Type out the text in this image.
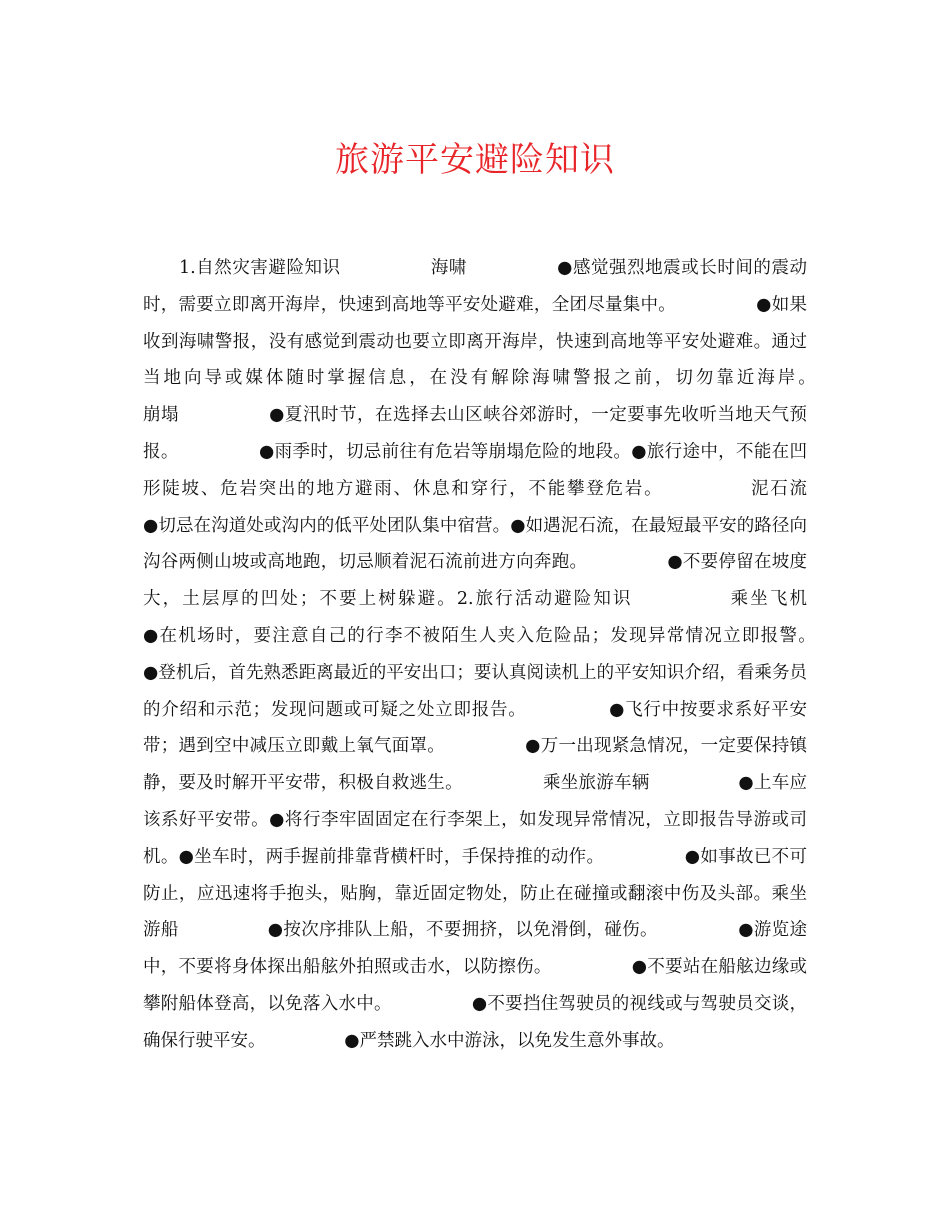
旅游平安避险知识

1.自然灾害避险知识　　　　　海啸　　　　　●感觉强烈地震或长时间的震动时，需要立即离开海岸，快速到高地等平安处避难，全团尽量集中。　　　　　●如果收到海啸警报，没有感觉到震动也要立即离开海岸，快速到高地等平安处避难。通过当地向导或媒体随时掌握信息，在没有解除海啸警报之前，切勿靠近海岸。　　　　　崩塌　　　　　●夏汛时节，在选择去山区峡谷郊游时，一定要事先收听当地天气预报。　　　　　●雨季时，切忌前往有危岩等崩塌危险的地段。●旅行途中，不能在凹形陡坡、危岩突出的地方避雨、休息和穿行，不能攀登危岩。　　　　　泥石流　　　　　●切忌在沟道处或沟内的低平处团队集中宿营。●如遇泥石流，在最短最平安的路径向沟谷两侧山坡或高地跑，切忌顺着泥石流前进方向奔跑。　　　　　●不要停留在坡度大，土层厚的凹处；不要上树躲避。2.旅行活动避险知识　　　　　乘坐飞机　　　　　●在机场时，要注意自己的行李不被陌生人夹入危险品；发现异常情况立即报警。　　　　　●登机后，首先熟悉距离最近的平安出口；要认真阅读机上的平安知识介绍，看乘务员的介绍和示范；发现问题或可疑之处立即报告。　　　　　●飞行中按要求系好平安带；遇到空中减压立即戴上氧气面罩。　　　　　●万一出现紧急情况，一定要保持镇静，要及时解开平安带，积极自救逃生。　　　　　乘坐旅游车辆　　　　　●上车应该系好平安带。●将行李牢固固定在行李架上，如发现异常情况，立即报告导游或司机。●坐车时，两手握前排靠背横杆时，手保持推的动作。　　　　　●如事故已不可防止，应迅速将手抱头，贴胸，靠近固定物处，防止在碰撞或翻滚中伤及头部。乘坐游船　　　　　●按次序排队上船，不要拥挤，以免滑倒，碰伤。　　　　　●游览途中，不要将身体探出船舷外拍照或击水，以防擦伤。　　　　　●不要站在船舷边缘或攀附船体登高，以免落入水中。　　　　　●不要挡住驾驶员的视线或与驾驶员交谈，确保行驶平安。　　　　　●严禁跳入水中游泳，以免发生意外事故。
